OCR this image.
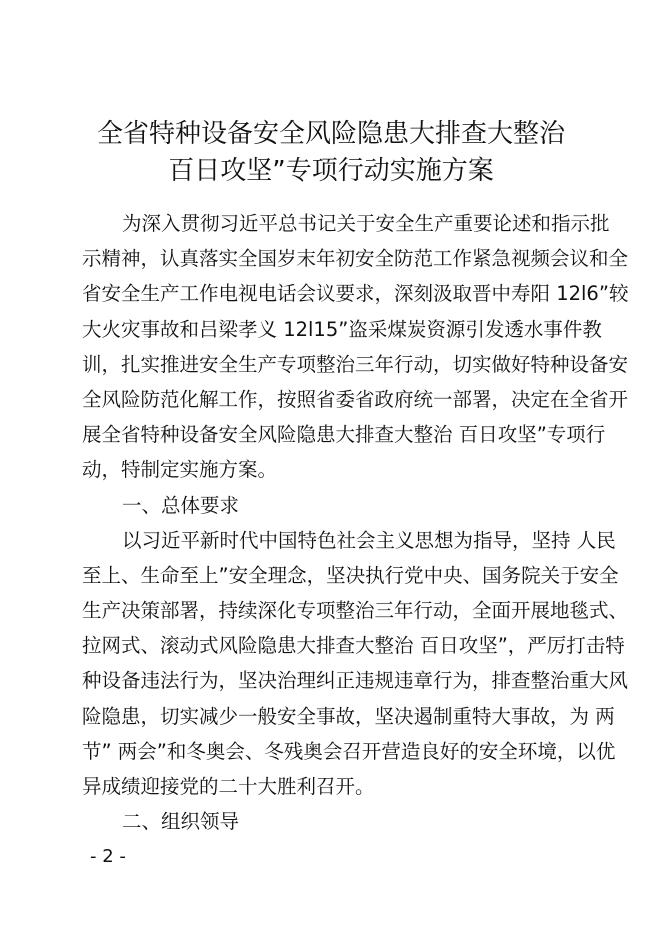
全省特种设备安全风险隐患大排查大整治
百日攻坚”专项行动实施方案
为深入贯彻习近平总书记关于安全生产重要论述和指示批
示精神，认真落实全国岁末年初安全防范工作紧急视频会议和全
省安全生产工作电视电话会议要求，深刻汲取晋中寿阳 12l6”较
大火灾事故和吕梁孝义 12l15”盗采煤炭资源引发透水事件教
训，扎实推进安全生产专项整治三年行动，切实做好特种设备安
全风险防范化解工作，按照省委省政府统一部署，决定在全省开
展全省特种设备安全风险隐患大排查大整治 百日攻坚”专项行
动，特制定实施方案。
一、总体要求
以习近平新时代中国特色社会主义思想为指导，坚持 人民
至上、生命至上”安全理念，坚决执行党中央、国务院关于安全
生产决策部署，持续深化专项整治三年行动，全面开展地毯式、
拉网式、滚动式风险隐患大排查大整治 百日攻坚”，严厉打击特
种设备违法行为，坚决治理纠正违规违章行为，排查整治重大风
险隐患，切实减少一般安全事故，坚决遏制重特大事故，为 两
节” 两会”和冬奥会、冬残奥会召开营造良好的安全环境，以优
异成绩迎接党的二十大胜利召开。
二、组织领导
- 2 -
